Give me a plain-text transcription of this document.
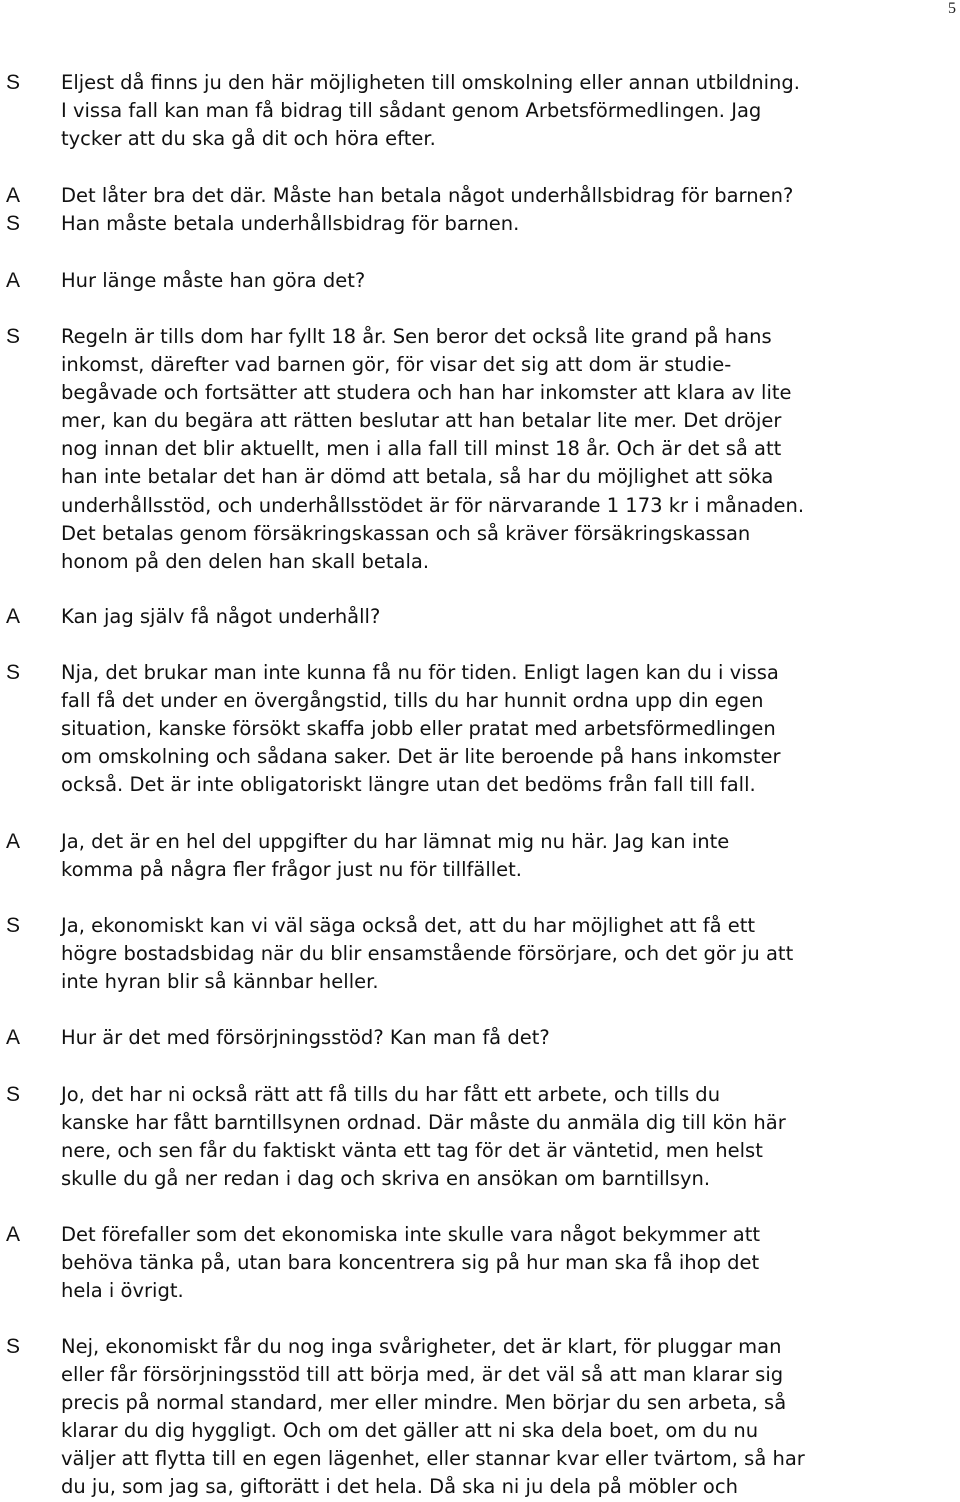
5
S	Eljest då finns ju den här möjligheten till omskolning eller annan utbildning.
I vissa fall kan man få bidrag till sådant genom Arbetsförmedlingen. Jag
tycker att du ska gå dit och höra efter.

A	Det låter bra det där. Måste han betala något underhållsbidrag för barnen?

S	Han måste betala underhållsbidrag för barnen.

A	Hur länge måste han göra det?

S	Regeln är tills dom har fyllt 18 år. Sen beror det också lite grand på hans
inkomst, därefter vad barnen gör, för visar det sig att dom är studie-
begåvade och fortsätter att studera och han har inkomster att klara av lite
mer, kan du begära att rätten beslutar att han betalar lite mer. Det dröjer
nog innan det blir aktuellt, men i alla fall till minst 18 år. Och är det så att
han inte betalar det han är dömd att betala, så har du möjlighet att söka
underhållsstöd, och underhållsstödet är för närvarande 1 173 kr i månaden.
Det betalas genom försäkringskassan och så kräver försäkringskassan
honom på den delen han skall betala.

A	Kan jag själv få något underhåll?

S	Nja, det brukar man inte kunna få nu för tiden. Enligt lagen kan du i vissa
fall få det under en övergångstid, tills du har hunnit ordna upp din egen
situation, kanske försökt skaffa jobb eller pratat med arbetsförmedlingen
om omskolning och sådana saker. Det är lite beroende på hans inkomster
också. Det är inte obligatoriskt längre utan det bedöms från fall till fall.

A	Ja, det är en hel del uppgifter du har lämnat mig nu här. Jag kan inte
komma på några fler frågor just nu för tillfället.

S	Ja, ekonomiskt kan vi väl säga också det, att du har möjlighet att få ett
högre bostadsbidag när du blir ensamstående försörjare, och det gör ju att
inte hyran blir så kännbar heller.

A	Hur är det med försörjningsstöd? Kan man få det?

S	Jo, det har ni också rätt att få tills du har fått ett arbete, och tills du
kanske har fått barntillsynen ordnad. Där måste du anmäla dig till kön här
nere, och sen får du faktiskt vänta ett tag för det är väntetid, men helst
skulle du gå ner redan i dag och skriva en ansökan om barntillsyn.

A	Det förefaller som det ekonomiska inte skulle vara något bekymmer att
behöva tänka på, utan bara koncentrera sig på hur man ska få ihop det
hela i övrigt.

S	Nej, ekonomiskt får du nog inga svårigheter, det är klart, för pluggar man
eller får försörjningsstöd till att börja med, är det väl så att man klarar sig
precis på normal standard, mer eller mindre. Men börjar du sen arbeta, så
klarar du dig hyggligt. Och om det gäller att ni ska dela boet, om du nu
väljer att flytta till en egen lägenhet, eller stannar kvar eller tvärtom, så har
du ju, som jag sa, giftorätt i det hela. Då ska ni ju dela på möbler och
